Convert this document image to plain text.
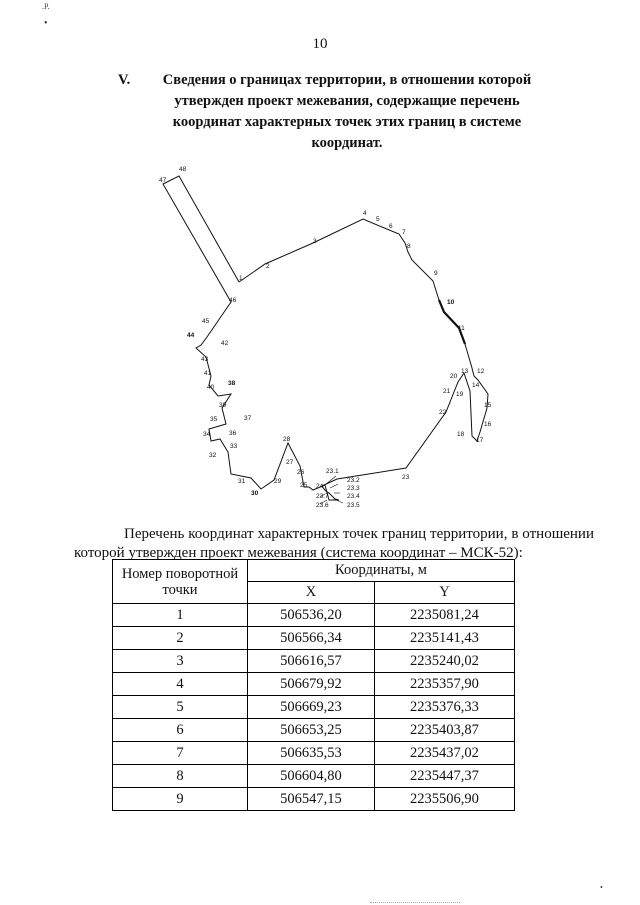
.P.
•
10
V.	Сведения о границах территории, в отношении которой утвержден проект межевания, содержащие перечень координат характерных точек этих границ в системе координат.
47
48
1
2
3
4
5
6
7
8
9
10
11
12
13
14
15
16
17
18
19
20
21
22
23
23.1
23.2
23.3
23.4
23.5
23.6
23.7
24
25
26
27
28
29
30
31
32
33
34
35
36
37
38
39
40
41
42
43
44
45
46

Перечень координат характерных точек границ территории, в отношении которой утвержден проект межевания (система координат – МСК-52):

Номер поворотной точки	Координаты, м	
	X	Y
1	506536,20	2235081,24
2	506566,34	2235141,43
3	506616,57	2235240,02
4	506679,92	2235357,90
5	506669,23	2235376,33
6	506653,25	2235403,87
7	506635,53	2235437,02
8	506604,80	2235447,37
9	506547,15	2235506,90
•
